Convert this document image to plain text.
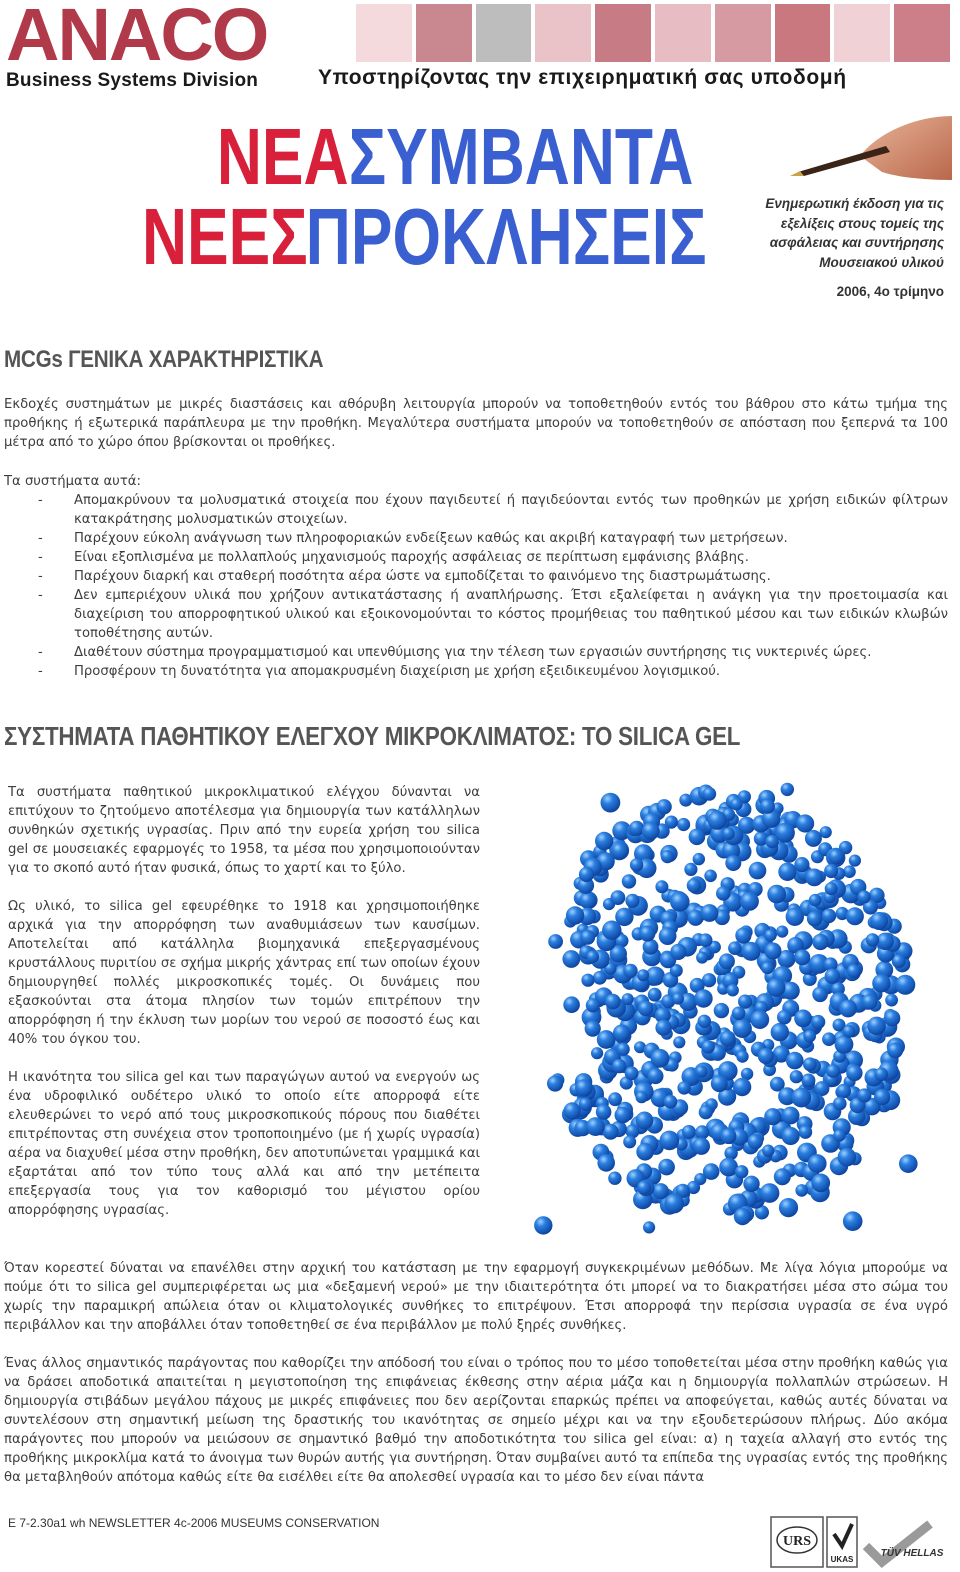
ANACO
Business Systems Division	Υποστηρίζοντας την επιχειρηματική σας υποδομή
ΝΕΑ ΣΥΜΒΑΝΤΑ
ΝΕΕΣ
ΠΡΟΚΛΗΣΕΙΣ	Ενημερωτική έκδοση για τις εξελίξεις στους τομείς της ασφάλειας και συντήρησης Μουσειακού υλικού
2006, 4ο τρίμηνο
MCGs ΓΕΝΙΚΑ ΧΑΡΑΚΤΗΡΙΣΤΙΚΑ
Εκδοχές συστημάτων με μικρές διαστάσεις και αθόρυβη λειτουργία μπορούν να τοποθετηθούν εντός του βάθρου στο κάτω τμήμα της προθήκης ή εξωτερικά παράπλευρα με την προθήκη. Μεγαλύτερα συστήματα μπορούν να τοποθετηθούν σε απόσταση που ξεπερνά τα 100 μέτρα από το χώρο όπου βρίσκονται οι προθήκες.
Τα συστήματα αυτά:
-	Απομακρύνουν τα μολυσματικά στοιχεία που έχουν παγιδευτεί ή παγιδεύονται εντός των προθηκών με χρήση ειδικών φίλτρων κατακράτησης μολυσματικών στοιχείων.
-	Παρέχουν εύκολη ανάγνωση των πληροφοριακών ενδείξεων καθώς και ακριβή καταγραφή των μετρήσεων.
-	Είναι εξοπλισμένα με πολλαπλούς μηχανισμούς παροχής ασφάλειας σε περίπτωση εμφάνισης βλάβης.
-	Παρέχουν διαρκή και σταθερή ποσότητα αέρα ώστε να εμποδίζεται το φαινόμενο της διαστρωμάτωσης.
-	Δεν εμπεριέχουν υλικά που χρήζουν αντικατάστασης ή αναπλήρωσης. Έτσι εξαλείφεται η ανάγκη για την προετοιμασία και διαχείριση του απορροφητικού υλικού και εξοικονομούνται το κόστος προμήθειας του παθητικού μέσου και των ειδικών κλωβών τοποθέτησης αυτών.
-	Διαθέτουν σύστημα προγραμματισμού και υπενθύμισης για την τέλεση των εργασιών συντήρησης τις νυκτερινές ώρες.
-	Προσφέρουν τη δυνατότητα για απομακρυσμένη διαχείριση με χρήση εξειδικευμένου λογισμικού.
ΣΥΣΤΗΜΑΤΑ ΠΑΘΗΤΙΚΟΥ ΕΛΕΓΧΟΥ ΜΙΚΡΟΚΛΙΜΑΤΟΣ: ΤΟ SILICA GEL

Τα συστήματα παθητικού μικροκλιματικού ελέγχου δύνανται να επιτύχουν το ζητούμενο αποτέλεσμα για δημιουργία των κατάλληλων συνθηκών σχετικής υγρασίας. Πριν από την ευρεία χρήση του silica gel σε μουσειακές εφαρμογές το 1958, τα μέσα που χρησιμοποιούνταν για το σκοπό αυτό ήταν φυσικά, όπως το χαρτί και το ξύλο.

Ως υλικό, το silica gel εφευρέθηκε το 1918 και χρησιμοποιήθηκε αρχικά για την απορρόφηση των αναθυμιάσεων των καυσίμων. Αποτελείται από κατάλληλα βιομηχανικά επεξεργασμένους κρυστάλλους πυριτίου σε σχήμα μικρής χάντρας επί των οποίων έχουν δημιουργηθεί πολλές μικροσκοπικές τομές. Οι δυνάμεις που εξασκούνται στα άτομα πλησίον των τομών επιτρέπουν την απορρόφηση ή την έκλυση των μορίων του νερού σε ποσοστό έως και 40% του όγκου του.

Η ικανότητα του silica gel και των παραγώγων αυτού να ενεργούν ως ένα υδροφιλικό ουδέτερο υλικό το οποίο είτε απορροφά είτε ελευθερώνει το νερό από τους μικροσκοπικούς πόρους που διαθέτει επιτρέποντας στη συνέχεια στον τροποποιημένο (με ή χωρίς υγρασία) αέρα να διαχυθεί μέσα στην προθήκη, δεν αποτυπώνεται γραμμικά και εξαρτάται από τον τύπο τους αλλά και από την μετέπειτα επεξεργασία τους για τον καθορισμό του μέγιστου ορίου απορρόφησης υγρασίας.

Όταν κορεστεί δύναται να επανέλθει στην αρχική του κατάσταση με την εφαρμογή συγκεκριμένων μεθόδων. Με λίγα λόγια μπορούμε να πούμε ότι το silica gel συμπεριφέρεται ως μια «δεξαμενή νερού» με την ιδιαιτερότητα ότι μπορεί να το διακρατήσει μέσα στο σώμα του χωρίς την παραμικρή απώλεια όταν οι κλιματολογικές συνθήκες το επιτρέψουν. Έτσι απορροφά την περίσσια υγρασία σε ένα υγρό περιβάλλον και την αποβάλλει όταν τοποθετηθεί σε ένα περιβάλλον με πολύ ξηρές συνθήκες.
Ένας άλλος σημαντικός παράγοντας που καθορίζει την απόδοσή του είναι ο τρόπος που το μέσο τοποθετείται μέσα στην προθήκη καθώς για να δράσει αποδοτικά απαιτείται η μεγιστοποίηση της επιφάνειας έκθεσης στην αέρια μάζα και η δημιουργία πολλαπλών στρώσεων. Η δημιουργία στιβάδων μεγάλου πάχους με μικρές επιφάνειες που δεν αερίζονται επαρκώς πρέπει να αποφεύγεται, καθώς αυτές δύναται να συντελέσουν στη σημαντική μείωση της δραστικής του ικανότητας σε σημείο μέχρι και να την εξουδετερώσουν πλήρως. Δύο ακόμα παράγοντες που μπορούν να μειώσουν σε σημαντικό βαθμό την αποδοτικότητα του silica gel είναι: α) η ταχεία αλλαγή στο εντός της προθήκης μικροκλίμα κατά το άνοιγμα των θυρών αυτής για συντήρηση. Όταν συμβαίνει αυτό τα επίπεδα της υγρασίας εντός της προθήκης θα μεταβληθούν απότομα καθώς είτε θα εισέλθει είτε θα απολεσθεί υγρασία και το μέσο δεν είναι πάντα
E 7-2.30a1 wh NEWSLETTER 4c-2006 MUSEUMS CONSERVATION
URS
UKAS
TÜV HELLAS
